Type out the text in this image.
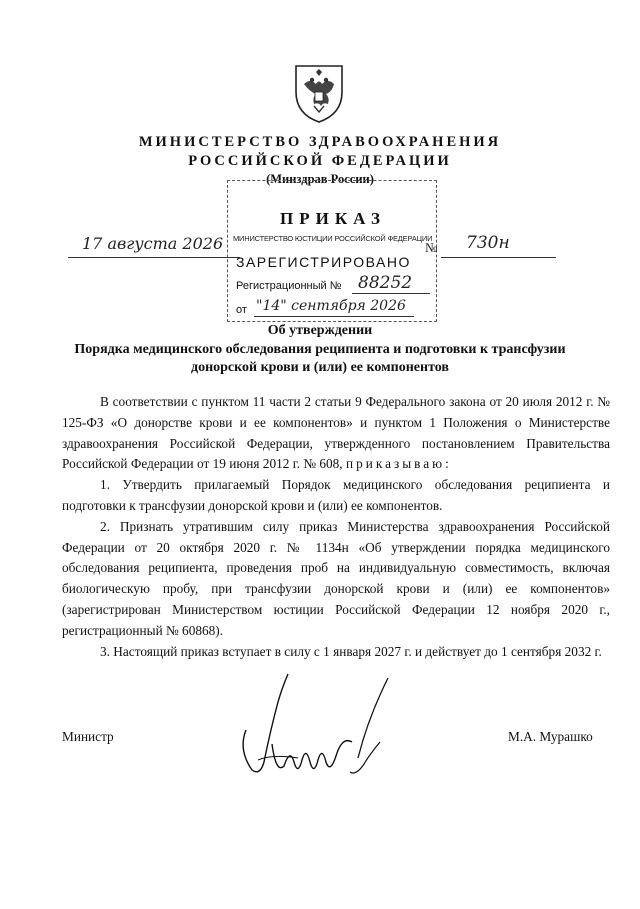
МИНИСТЕРСТВО ЗДРАВООХРАНЕНИЯ
РОССИЙСКОЙ ФЕДЕРАЦИИ
(Минздрав России)
ПРИКАЗ
МИНИСТЕРСТВО ЮСТИЦИИ РОССИЙСКОЙ ФЕДЕРАЦИИ
ЗАРЕГИСТРИРОВАНО
Регистрационный № 88252
от "14" сентября 2026
17 августа 2026	№ 730н
Об утверждении
Порядка медицинского обследования реципиента и подготовки к трансфузии
донорской крови и (или) ее компонентов

В соответствии с пунктом 11 части 2 статьи 9 Федерального закона от 20 июля 2012 г. № 125-ФЗ «О донорстве крови и ее компонентов» и пунктом 1 Положения о Министерстве здравоохранения Российской Федерации, утвержденного постановлением Правительства Российской Федерации от 19 июня 2012 г. № 608, приказываю:

1. Утвердить прилагаемый Порядок медицинского обследования реципиента и подготовки к трансфузии донорской крови и (или) ее компонентов.

2. Признать утратившим силу приказ Министерства здравоохранения Российской Федерации от 20 октября 2020 г. № 1134н «Об утверждении порядка медицинского обследования реципиента, проведения проб на индивидуальную совместимость, включая биологическую пробу, при трансфузии донорской крови и (или) ее компонентов» (зарегистрирован Министерством юстиции Российской Федерации 12 ноября 2020 г., регистрационный № 60868).

3. Настоящий приказ вступает в силу с 1 января 2027 г. и действует до 1 сентября 2032 г.

Министр	М.А. Мурашко
